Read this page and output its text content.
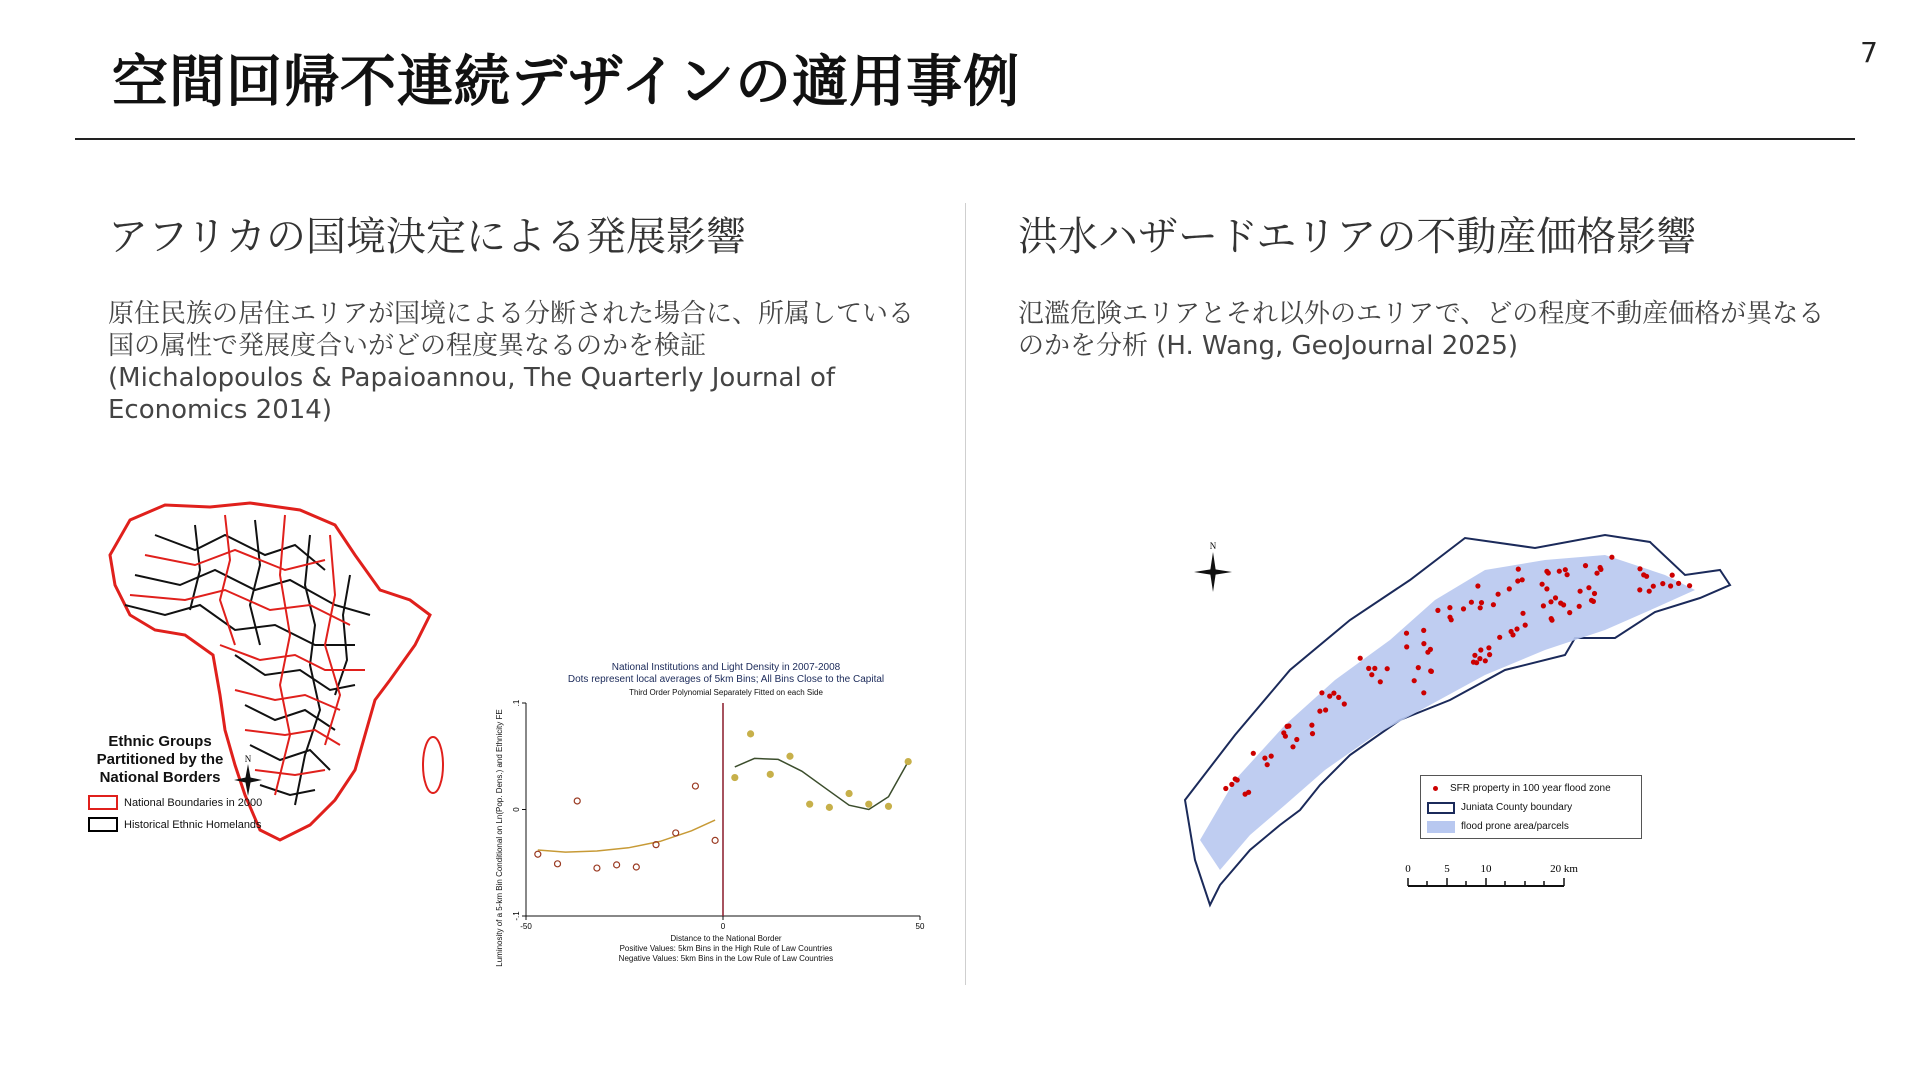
空間回帰不連続デザインの適用事例	7
アフリカの国境決定による発展影響
原住民族の居住エリアが国境による分断された場合に、所属している
国の属性で発展度合いがどの程度異なるのかを検証
(Michalopoulos & Papaioannou, The Quarterly Journal of
Economics 2014)
Ethnic Groups
Partitioned by the
National Borders
N
National Boundaries in 2000
Historical Ethnic Homelands
National Institutions and Light Density in 2007-2008
Dots represent local averages of 5km Bins; All Bins Close to the Capital
Third Order Polynomial Separately Fitted on each Side
Luminosity of a 5-km Bin Conditional on Ln(Pop. Dens.) and Ethnicity FE	Distance to the National Border
Positive Values: 5km Bins in the High Rule of Law Countries
Negative Values: 5km Bins in the Low Rule of Law Countries
-50	0	50
-.1
0
.1
洪水ハザードエリアの不動産価格影響
氾濫危険エリアとそれ以外のエリアで、どの程度不動産価格が異なる
のかを分析 (H. Wang, GeoJournal 2025)
N
SFR property in 100 year flood zone
Juniata County boundary
flood prone area/parcels
0	5	10	20 km
